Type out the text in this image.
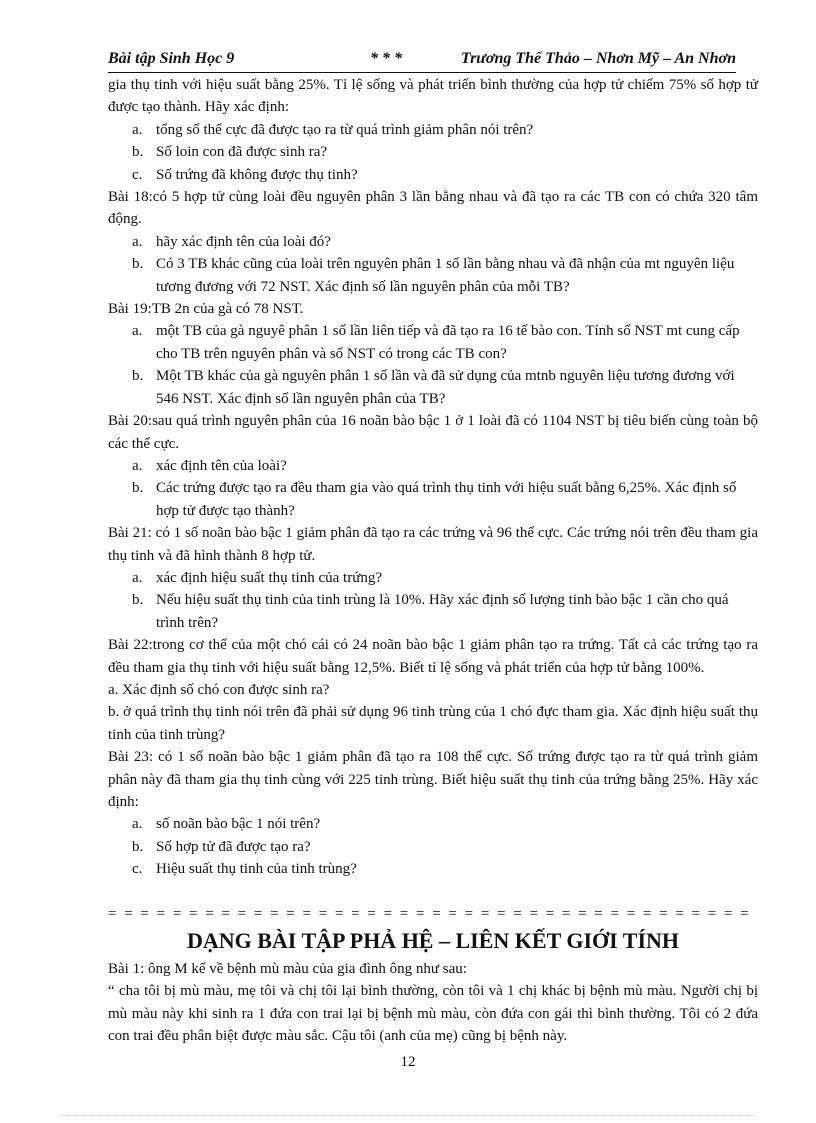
Bài tập Sinh Học 9	* * *	Trương Thế Thảo – Nhơn Mỹ – An Nhơn

gia thụ tinh với hiệu suất bằng 25%. Tỉ lệ sống và phát triển bình thường của hợp tử chiếm 75% số hợp tử được tạo thành. Hãy xác định:

a. tổng số thể cực đã được tạo ra từ quá trình giảm phân nói trên?

b. Số loin con đã được sinh ra?

c. Số trứng đã không được thụ tinh?

Bài 18:có 5 hợp tử cùng loài đều nguyên phân 3 lần bằng nhau và đã tạo ra các TB con có chứa 320 tâm động.

a. hãy xác định tên của loài đó?

b. Có 3 TB khác cũng của loài trên nguyên phân 1 số lần bằng nhau và đã nhận của mt nguyên liệu tương đương với 72 NST. Xác định số lần nguyên phân của mỗi TB?

Bài 19:TB 2n của gà có 78 NST.

a. một TB của gà nguyê phân 1 số lần liên tiếp và đã tạo ra 16 tế bào con. Tính số NST mt cung cấp cho TB trên nguyên phân và số NST có trong các TB con?

b. Một TB khác của gà nguyên phân 1 số lần và đã sử dụng của mtnb nguyên liệu tương đương với 546 NST. Xác định số lần nguyên phân của TB?

Bài 20:sau quá trình nguyên phân của 16 noãn bào bậc 1 ở 1 loài đã có 1104 NST bị tiêu biến cùng toàn bộ các thể cực.

a. xác định tên của loài?

b. Các trứng được tạo ra đều tham gia vào quá trình thụ tinh với hiệu suất bằng 6,25%. Xác định số hợp tử được tạo thành?

Bài 21: có 1 số noãn bào bậc 1 giảm phân đã tạo ra các trứng và 96 thể cực. Các trứng nói trên đều tham gia thụ tinh và đã hình thành 8 hợp tử.

a. xác định hiệu suất thụ tinh của trứng?

b. Nếu hiệu suất thụ tinh của tinh trùng là 10%. Hãy xác định số lượng tinh bào bậc 1 cần cho quá trình trên?

Bài 22:trong cơ thể của một chó cái có 24 noãn bào bậc 1 giảm phân tạo ra trứng. Tất cả các trứng tạo ra đều tham gia thụ tinh với hiệu suất bằng 12,5%. Biết tỉ lệ sống và phát triển của hợp tử bằng 100%.

a. Xác định số chó con được sinh ra?

b. ở quá trình thụ tinh nói trên đã phải sử dụng 96 tinh trùng của 1 chó đực tham gia. Xác định hiệu suất thụ tinh của tinh trùng?

Bài 23: có 1 số noãn bào bậc 1 giảm phân đã tạo ra 108 thể cực. Số trứng được tạo ra từ quá trình giảm phân này đã tham gia thụ tinh cùng với 225 tinh trùng. Biết hiệu suất thụ tinh của trứng bằng 25%. Hãy xác định:

a. số noãn bào bậc 1 nói trên?

b. Số hợp tử đã được tạo ra?

c. Hiệu suất thụ tinh của tinh trùng?

= = = = = = = = = = = = = = = = = = = = = = = = = = = = = = = = = = = = = = = =
DẠNG BÀI TẬP PHẢ HỆ – LIÊN KẾT GIỚI TÍNH

Bài 1: ông M kể về bệnh mù màu của gia đình ông như sau:

“ cha tôi bị mù màu, mẹ tôi và chị tôi lại bình thường, còn tôi và 1 chị khác bị bệnh mù màu. Người chị bị mù màu này khi sinh ra 1 đứa con trai lại bị bệnh mù màu, còn đứa con gái thì bình thường. Tôi có 2 đứa con trai đều phân biệt được màu sắc. Cậu tôi (anh của mẹ) cũng bị bệnh này.

12
